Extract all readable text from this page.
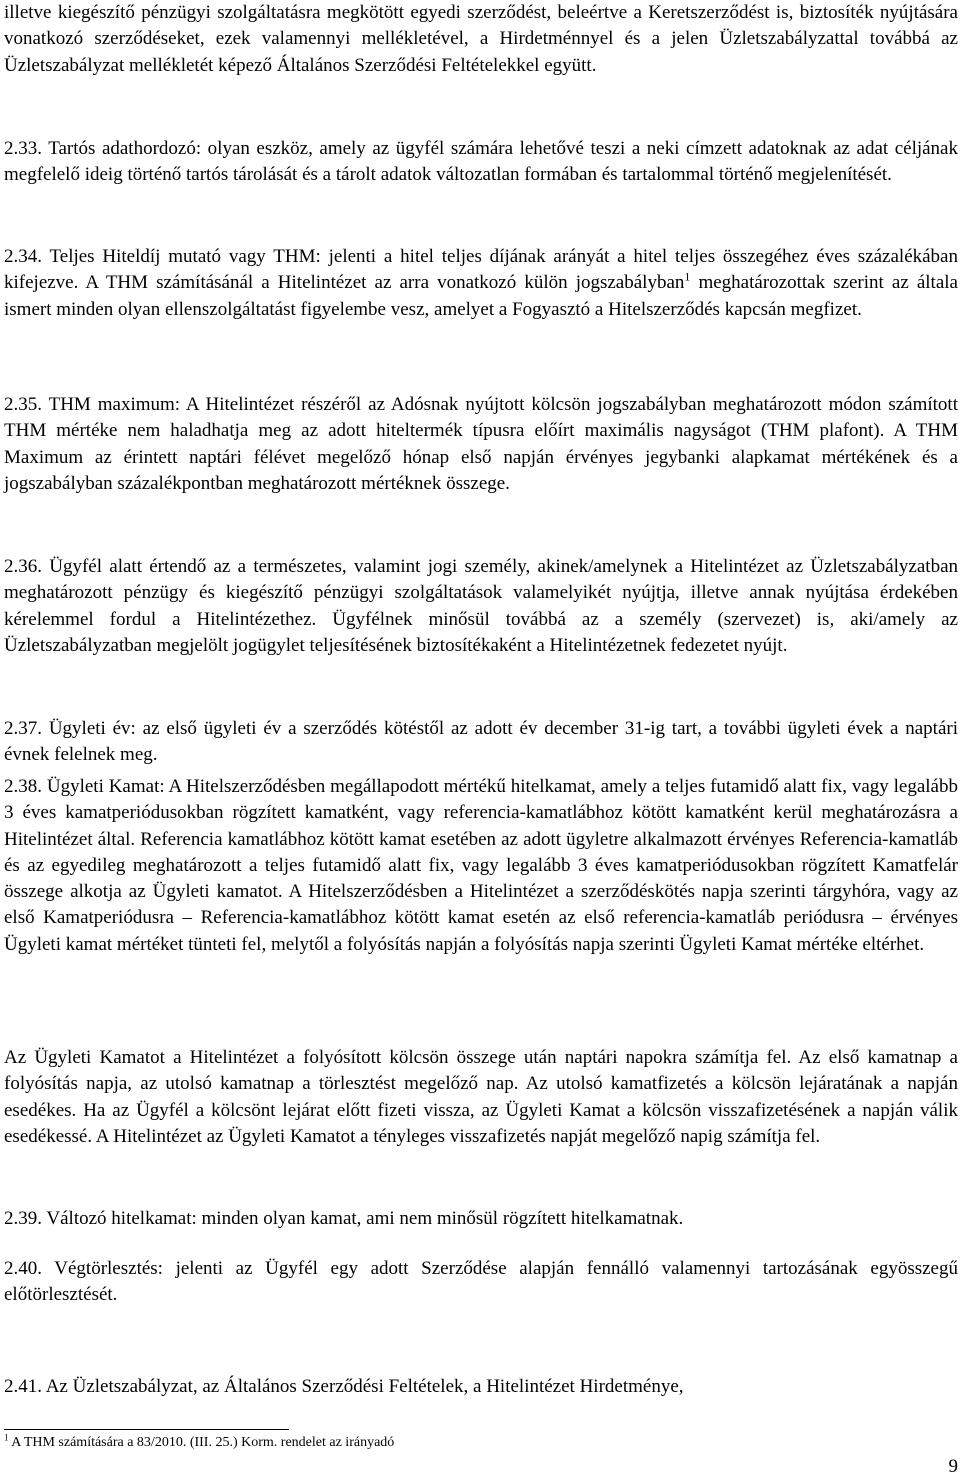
illetve kiegészítő pénzügyi szolgáltatásra megkötött egyedi szerződést, beleértve a Keretszerződést is, biztosíték nyújtására vonatkozó szerződéseket, ezek valamennyi mellékletével, a Hirdetménnyel és a jelen Üzletszabályzattal továbbá az Üzletszabályzat mellékletét képező Általános Szerződési Feltételekkel együtt.

2.33. Tartós adathordozó: olyan eszköz, amely az ügyfél számára lehetővé teszi a neki címzett adatoknak az adat céljának megfelelő ideig történő tartós tárolását és a tárolt adatok változatlan formában és tartalommal történő megjelenítését.

2.34. Teljes Hiteldíj mutató vagy THM: jelenti a hitel teljes díjának arányát a hitel teljes összegéhez éves százalékában kifejezve. A THM számításánál a Hitelintézet az arra vonatkozó külön jogszabályban$^1$ meghatározottak szerint az általa ismert minden olyan ellenszolgáltatást figyelembe vesz, amelyet a Fogyasztó a Hitelszerződés kapcsán megfizet.

2.35. THM maximum: A Hitelintézet részéről az Adósnak nyújtott kölcsön jogszabályban meghatározott módon számított THM mértéke nem haladhatja meg az adott hiteltermék típusra előírt maximális nagyságot (THM plafont). A THM Maximum az érintett naptári félévet megelőző hónap első napján érvényes jegybanki alapkamat mértékének és a jogszabályban százalékpontban meghatározott mértéknek összege.

2.36. Ügyfél alatt értendő az a természetes, valamint jogi személy, akinek/amelynek a Hitelintézet az Üzletszabályzatban meghatározott pénzügy és kiegészítő pénzügyi szolgáltatások valamelyikét nyújtja, illetve annak nyújtása érdekében kérelemmel fordul a Hitelintézethez. Ügyfélnek minősül továbbá az a személy (szervezet) is, aki/amely az Üzletszabályzatban megjelölt jogügylet teljesítésének biztosítékaként a Hitelintézetnek fedezetet nyújt.

2.37. Ügyleti év: az első ügyleti év a szerződés kötéstől az adott év december 31-ig tart, a további ügyleti évek a naptári évnek felelnek meg.

2.38. Ügyleti Kamat: A Hitelszerződésben megállapodott mértékű hitelkamat, amely a teljes futamidő alatt fix, vagy legalább 3 éves kamatperiódusokban rögzített kamatként, vagy referencia-kamatlábhoz kötött kamatként kerül meghatározásra a Hitelintézet által. Referencia kamatlábhoz kötött kamat esetében az adott ügyletre alkalmazott érvényes Referencia-kamatláb és az egyedileg meghatározott a teljes futamidő alatt fix, vagy legalább 3 éves kamatperiódusokban rögzített Kamatfelár összege alkotja az Ügyleti kamatot. A Hitelszerződésben a Hitelintézet a szerződéskötés napja szerinti tárgyhóra, vagy az első Kamatperiódusra – Referencia-kamatlábhoz kötött kamat esetén az első referencia-kamatláb periódusra – érvényes Ügyleti kamat mértéket tünteti fel, melytől a folyósítás napján a folyósítás napja szerinti Ügyleti Kamat mértéke eltérhet.

Az Ügyleti Kamatot a Hitelintézet a folyósított kölcsön összege után naptári napokra számítja fel. Az első kamatnap a folyósítás napja, az utolsó kamatnap a törlesztést megelőző nap. Az utolsó kamatfizetés a kölcsön lejáratának a napján esedékes. Ha az Ügyfél a kölcsönt lejárat előtt fizeti vissza, az Ügyleti Kamat a kölcsön visszafizetésének a napján válik esedékessé. A Hitelintézet az Ügyleti Kamatot a tényleges visszafizetés napját megelőző napig számítja fel.

2.39. Változó hitelkamat: minden olyan kamat, ami nem minősül rögzített hitelkamatnak.

2.40. Végtörlesztés: jelenti az Ügyfél egy adott Szerződése alapján fennálló valamennyi tartozásának egyösszegű előtörlesztését.

2.41. Az Üzletszabályzat, az Általános Szerződési Feltételek, a Hitelintézet Hirdetménye,

$^1$ A THM számítására a 83/2010. (III. 25.) Korm. rendelet az irányadó
9
